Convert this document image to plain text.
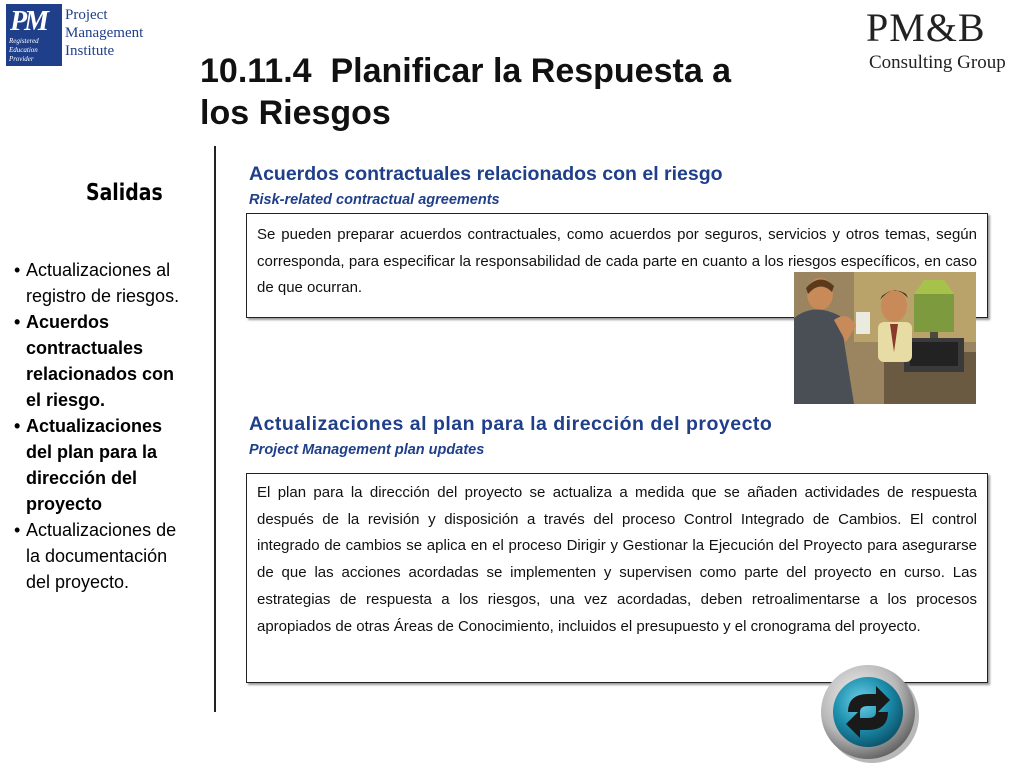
PM
Registered
Education
Provider
Project
Management
Institute
PM&B
Consulting Group
10.11.4  Planificar la Respuesta a
los Riesgos
Salidas
• Actualizaciones al registro de riesgos.
• Acuerdos contractuales relacionados con el riesgo.
• Actualizaciones del plan para la dirección del proyecto
• Actualizaciones de la documentación del proyecto.
Acuerdos contractuales relacionados con el riesgo
Risk-related contractual agreements
Se pueden preparar acuerdos contractuales, como acuerdos por seguros, servicios y otros temas, según corresponda, para especificar la responsabilidad de cada parte en cuanto a los riesgos específicos, en caso de que ocurran.
Actualizaciones al plan para la dirección del proyecto
Project Management plan updates
El plan para la dirección del proyecto se actualiza a medida que se añaden actividades de respuesta después de la revisión y disposición a través del proceso Control Integrado de Cambios. El control integrado de cambios se aplica en el proceso Dirigir y Gestionar la Ejecución del Proyecto para asegurarse de que las acciones acordadas se implementen y supervisen como parte del proyecto en curso. Las estrategias de respuesta a los riesgos, una vez acordadas, deben retroalimentarse a los procesos apropiados de otras Áreas de Conocimiento, incluidos el presupuesto y el cronograma del proyecto.
